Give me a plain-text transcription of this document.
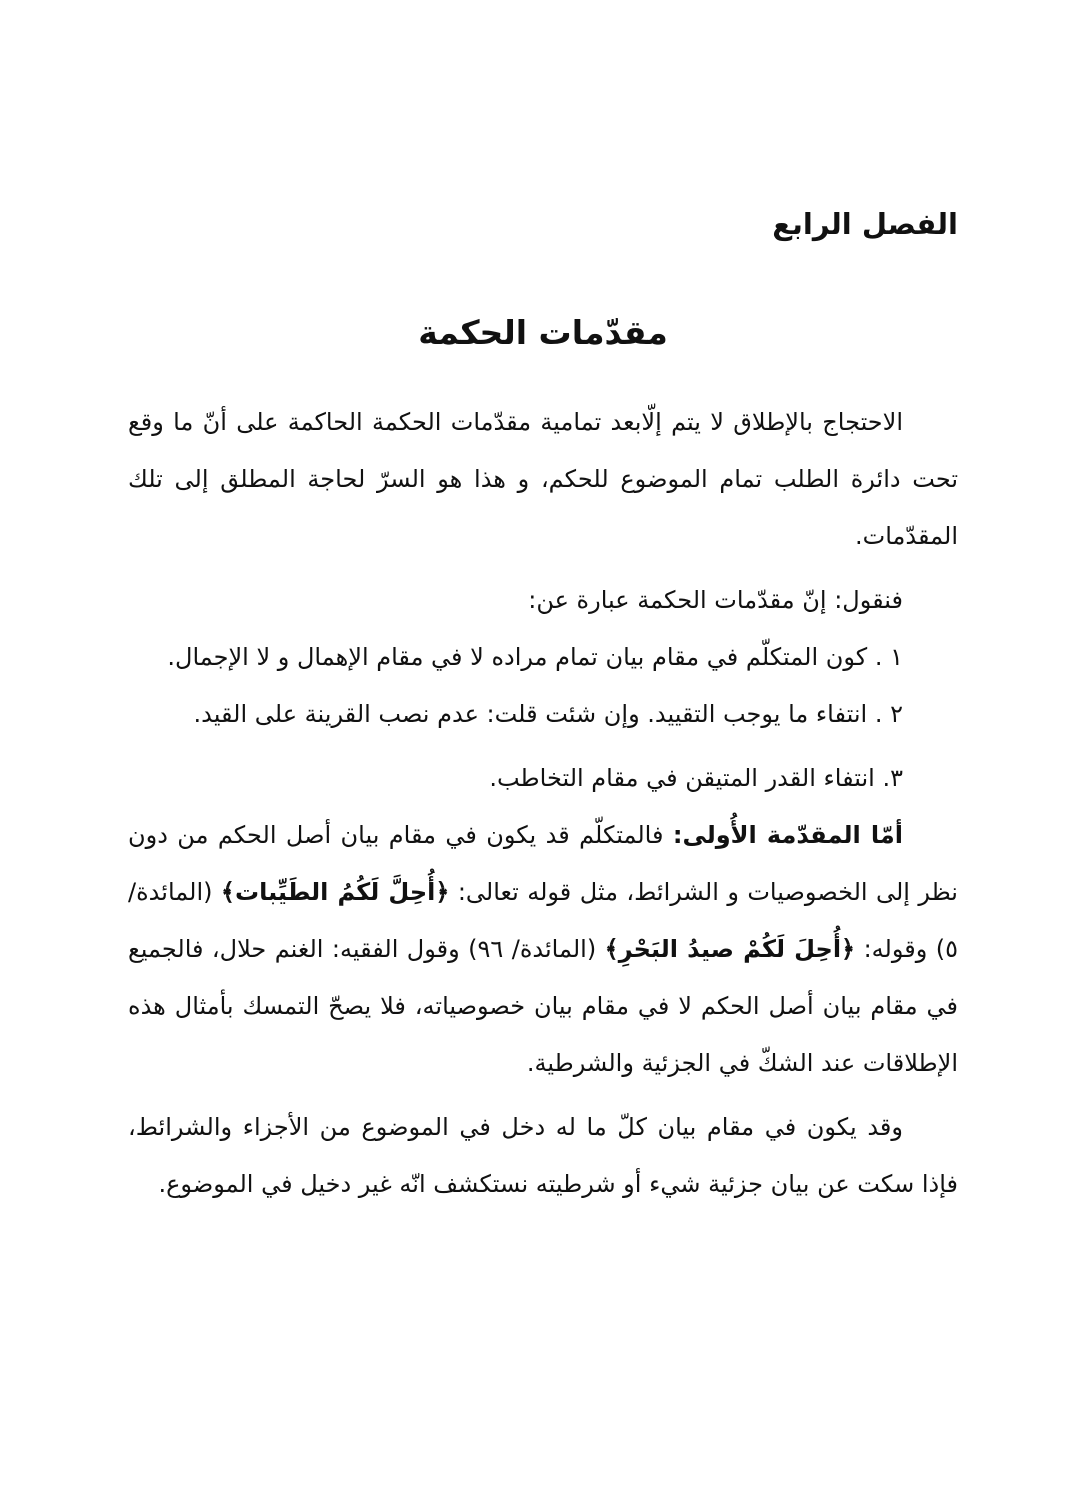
الفصل الرابع
مقدّمات الحكمة

الاحتجاج بالإطلاق لا يتم إلّابعد تمامية مقدّمات الحكمة الحاكمة على أنّ ما وقع تحت دائرة الطلب تمام الموضوع للحكم، و هذا هو السرّ لحاجة المطلق إلى تلك المقدّمات.

فنقول: إنّ مقدّمات الحكمة عبارة عن:

١ . كون المتكلّم في مقام بيان تمام مراده لا في مقام الإهمال و لا الإجمال.

٢ . انتفاء ما يوجب التقييد. وإن شئت قلت: عدم نصب القرينة على القيد.

٣. انتفاء القدر المتيقن في مقام التخاطب.

أمّا المقدّمة الأُولى: فالمتكلّم قد يكون في مقام بيان أصل الحكم من دون نظر إلى الخصوصيات و الشرائط، مثل قوله تعالى: ﴿أُحِلَّ لَكُمُ الطَيِّبات﴾ (المائدة/ ٥) وقوله: ﴿أُحِلَ لَكُمْ صيدُ البَحْرِ﴾ (المائدة/ ٩٦) وقول الفقيه: الغنم حلال، فالجميع في مقام بيان أصل الحكم لا في مقام بيان خصوصياته، فلا يصحّ التمسك بأمثال هذه الإطلاقات عند الشكّ في الجزئية والشرطية.

وقد يكون في مقام بيان كلّ ما له دخل في الموضوع من الأجزاء والشرائط، فإذا سكت عن بيان جزئية شيء أو شرطيته نستكشف انّه غير دخيل في الموضوع.
